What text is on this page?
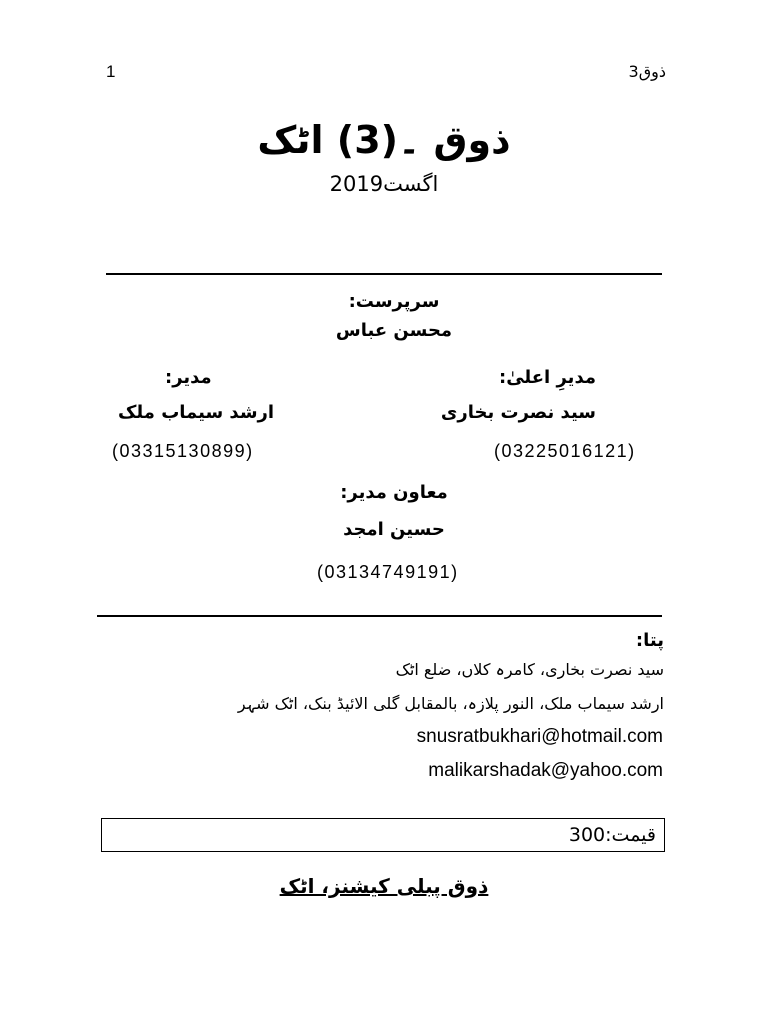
1	ذوق3
ذوق ۔(3) اٹک
اگست2019
سرپرست:
محسن عباس
مدیرِ اعلیٰ:
سید نصرت بخاری
(03225016121)
مدیر:
ارشد سیماب ملک
(03315130899)
معاون مدیر:
حسین امجد
(03134749191)
پتا:
سید نصرت بخاری، کامرہ کلاں، ضلع اٹک
ارشد سیماب ملک، النور پلازہ، بالمقابل گلی الائیڈ بنک، اٹک شہر
snusratbukhari@hotmail.com
malikarshadak@yahoo.com
قیمت:300
ذوق پبلی کیشنز، اٹک
